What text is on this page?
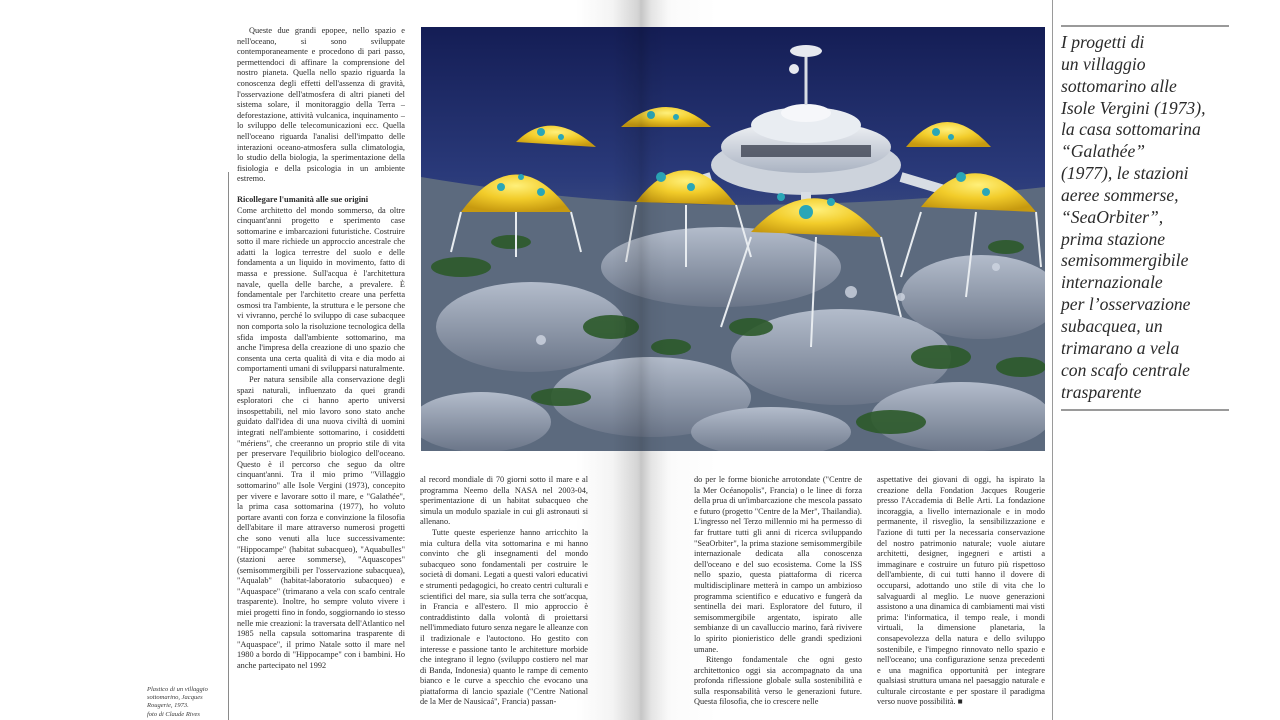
Plastico di un villaggio
sottomarino, Jacques
Rougerie, 1973.
foto di Claude Rives

Queste due grandi epopee, nello spazio e nell'oceano, si sono sviluppate contemporaneamente e procedono di pari passo, permettendoci di affinare la comprensione del nostro pianeta. Quella nello spazio riguarda la conoscenza degli effetti dell'assenza di gravità, l'osservazione dell'atmosfera di altri pianeti del sistema solare, il monitoraggio della Terra – deforestazione, attività vulcanica, inquinamento – lo sviluppo delle telecomunicazioni ecc. Quella nell'oceano riguarda l'analisi dell'impatto delle interazioni oceano-atmosfera sulla climatologia, lo studio della biologia, la sperimentazione della fisiologia e della psicologia in un ambiente estremo.

Ricollegare l'umanità alle sue origini

Come architetto del mondo sommerso, da oltre cinquant'anni progetto e sperimento case sottomarine e imbarcazioni futuristiche. Costruire sotto il mare richiede un approccio ancestrale che adatti la logica terrestre del suolo e delle fondamenta a un liquido in movimento, fatto di massa e pressione. Sull'acqua è l'architettura navale, quella delle barche, a prevalere. È fondamentale per l'architetto creare una perfetta osmosi tra l'ambiente, la struttura e le persone che vi vivranno, perché lo sviluppo di case subacquee non comporta solo la risoluzione tecnologica della sfida imposta dall'ambiente sottomarino, ma anche l'impresa della creazione di uno spazio che consenta una certa qualità di vita e dia modo ai comportamenti umani di svilupparsi naturalmente.

Per natura sensibile alla conservazione degli spazi naturali, influenzato da quei grandi esploratori che ci hanno aperto universi insospettabili, nel mio lavoro sono stato anche guidato dall'idea di una nuova civiltà di uomini integrati nell'ambiente sottomarino, i cosiddetti "mériens", che creeranno un proprio stile di vita per preservare l'equilibrio biologico dell'oceano. Questo è il percorso che seguo da oltre cinquant'anni. Tra il mio primo "Villaggio sottomarino" alle Isole Vergini (1973), concepito per vivere e lavorare sotto il mare, e "Galathée", la prima casa sottomarina (1977), ho voluto portare avanti con forza e convinzione la filosofia dell'abitare il mare attraverso numerosi progetti che sono venuti alla luce successivamente: "Hippocampe" (habitat subacqueo), "Aquabulles" (stazioni aeree sommerse), "Aquascopes" (semisommergibili per l'osservazione subacquea), "Aqualab" (habitat-laboratorio subacqueo) e "Aquaspace" (trimarano a vela con scafo centrale trasparente). Inoltre, ho sempre voluto vivere i miei progetti fino in fondo, soggiornando io stesso nelle mie creazioni: la traversata dell'Atlantico nel 1985 nella capsula sottomarina trasparente di "Aquaspace", il primo Natale sotto il mare nel 1980 a bordo di "Hippocampe" con i bambini. Ho anche partecipato nel 1992

al record mondiale di 70 giorni sotto il mare e al programma Neemo della NASA nel 2003-04, sperimentazione di un habitat subacqueo che simula un modulo spaziale in cui gli astronauti si allenano.

Tutte queste esperienze hanno arricchito la mia cultura della vita sottomarina e mi hanno convinto che gli insegnamenti del mondo subacqueo sono fondamentali per costruire le società di domani. Legati a questi valori educativi e strumenti pedagogici, ho creato centri culturali e scientifici del mare, sia sulla terra che sott'acqua, in Francia e all'estero. Il mio approccio è contraddistinto dalla volontà di proiettarsi nell'immediato futuro senza negare le alleanze con il tradizionale e l'autoctono. Ho gestito con interesse e passione tanto le architetture morbide che integrano il legno (sviluppo costiero nel mar di Banda, Indonesia) quanto le rampe di cemento bianco e le curve a specchio che evocano una piattaforma di lancio spaziale ("Centre National de la Mer de Nausicaá", Francia) passan-

do per le forme bioniche arrotondate ("Centre de la Mer Océanopolis", Francia) o le linee di forza della prua di un'imbarcazione che mescola passato e futuro (progetto "Centre de la Mer", Thailandia). L'ingresso nel Terzo millennio mi ha permesso di far fruttare tutti gli anni di ricerca sviluppando "SeaOrbiter", la prima stazione semisommergibile internazionale dedicata alla conoscenza dell'oceano e del suo ecosistema. Come la ISS nello spazio, questa piattaforma di ricerca multidisciplinare metterà in campo un ambizioso programma scientifico e educativo e fungerà da sentinella dei mari. Esploratore del futuro, il semisommergibile argentato, ispirato alle sembianze di un cavalluccio marino, farà rivivere lo spirito pionieristico delle grandi spedizioni umane.

Ritengo fondamentale che ogni gesto architettonico oggi sia accompagnato da una profonda riflessione globale sulla sostenibilità e sulla responsabilità verso le generazioni future. Questa filosofia, che io crescere nelle

aspettative dei giovani di oggi, ha ispirato la creazione della Fondation Jacques Rougerie presso l'Accademia di Belle Arti. La fondazione incoraggia, a livello internazionale e in modo permanente, il risveglio, la sensibilizzazione e l'azione di tutti per la necessaria conservazione del nostro patrimonio naturale; vuole aiutare architetti, designer, ingegneri e artisti a immaginare e costruire un futuro più rispettoso dell'ambiente, di cui tutti hanno il dovere di occuparsi, adottando uno stile di vita che lo salvaguardi al meglio. Le nuove generazioni assistono a una dinamica di cambiamenti mai visti prima: l'informatica, il tempo reale, i mondi virtuali, la dimensione planetaria, la consapevolezza della natura e dello sviluppo sostenibile, e l'impegno rinnovato nello spazio e nell'oceano; una configurazione senza precedenti e una magnifica opportunità per integrare qualsiasi struttura umana nel paesaggio naturale e culturale circostante e per spostare il paradigma verso nuove possibilità. ■

I progetti di
un villaggio
sottomarino alle
Isole Vergini (1973),
la casa sottomarina
“Galathée”
(1977), le stazioni
aeree sommerse,
“SeaOrbiter”,
prima stazione
semisommergibile
internazionale
per l’osservazione
subacquea, un
trimarano a vela
con scafo centrale
trasparente
